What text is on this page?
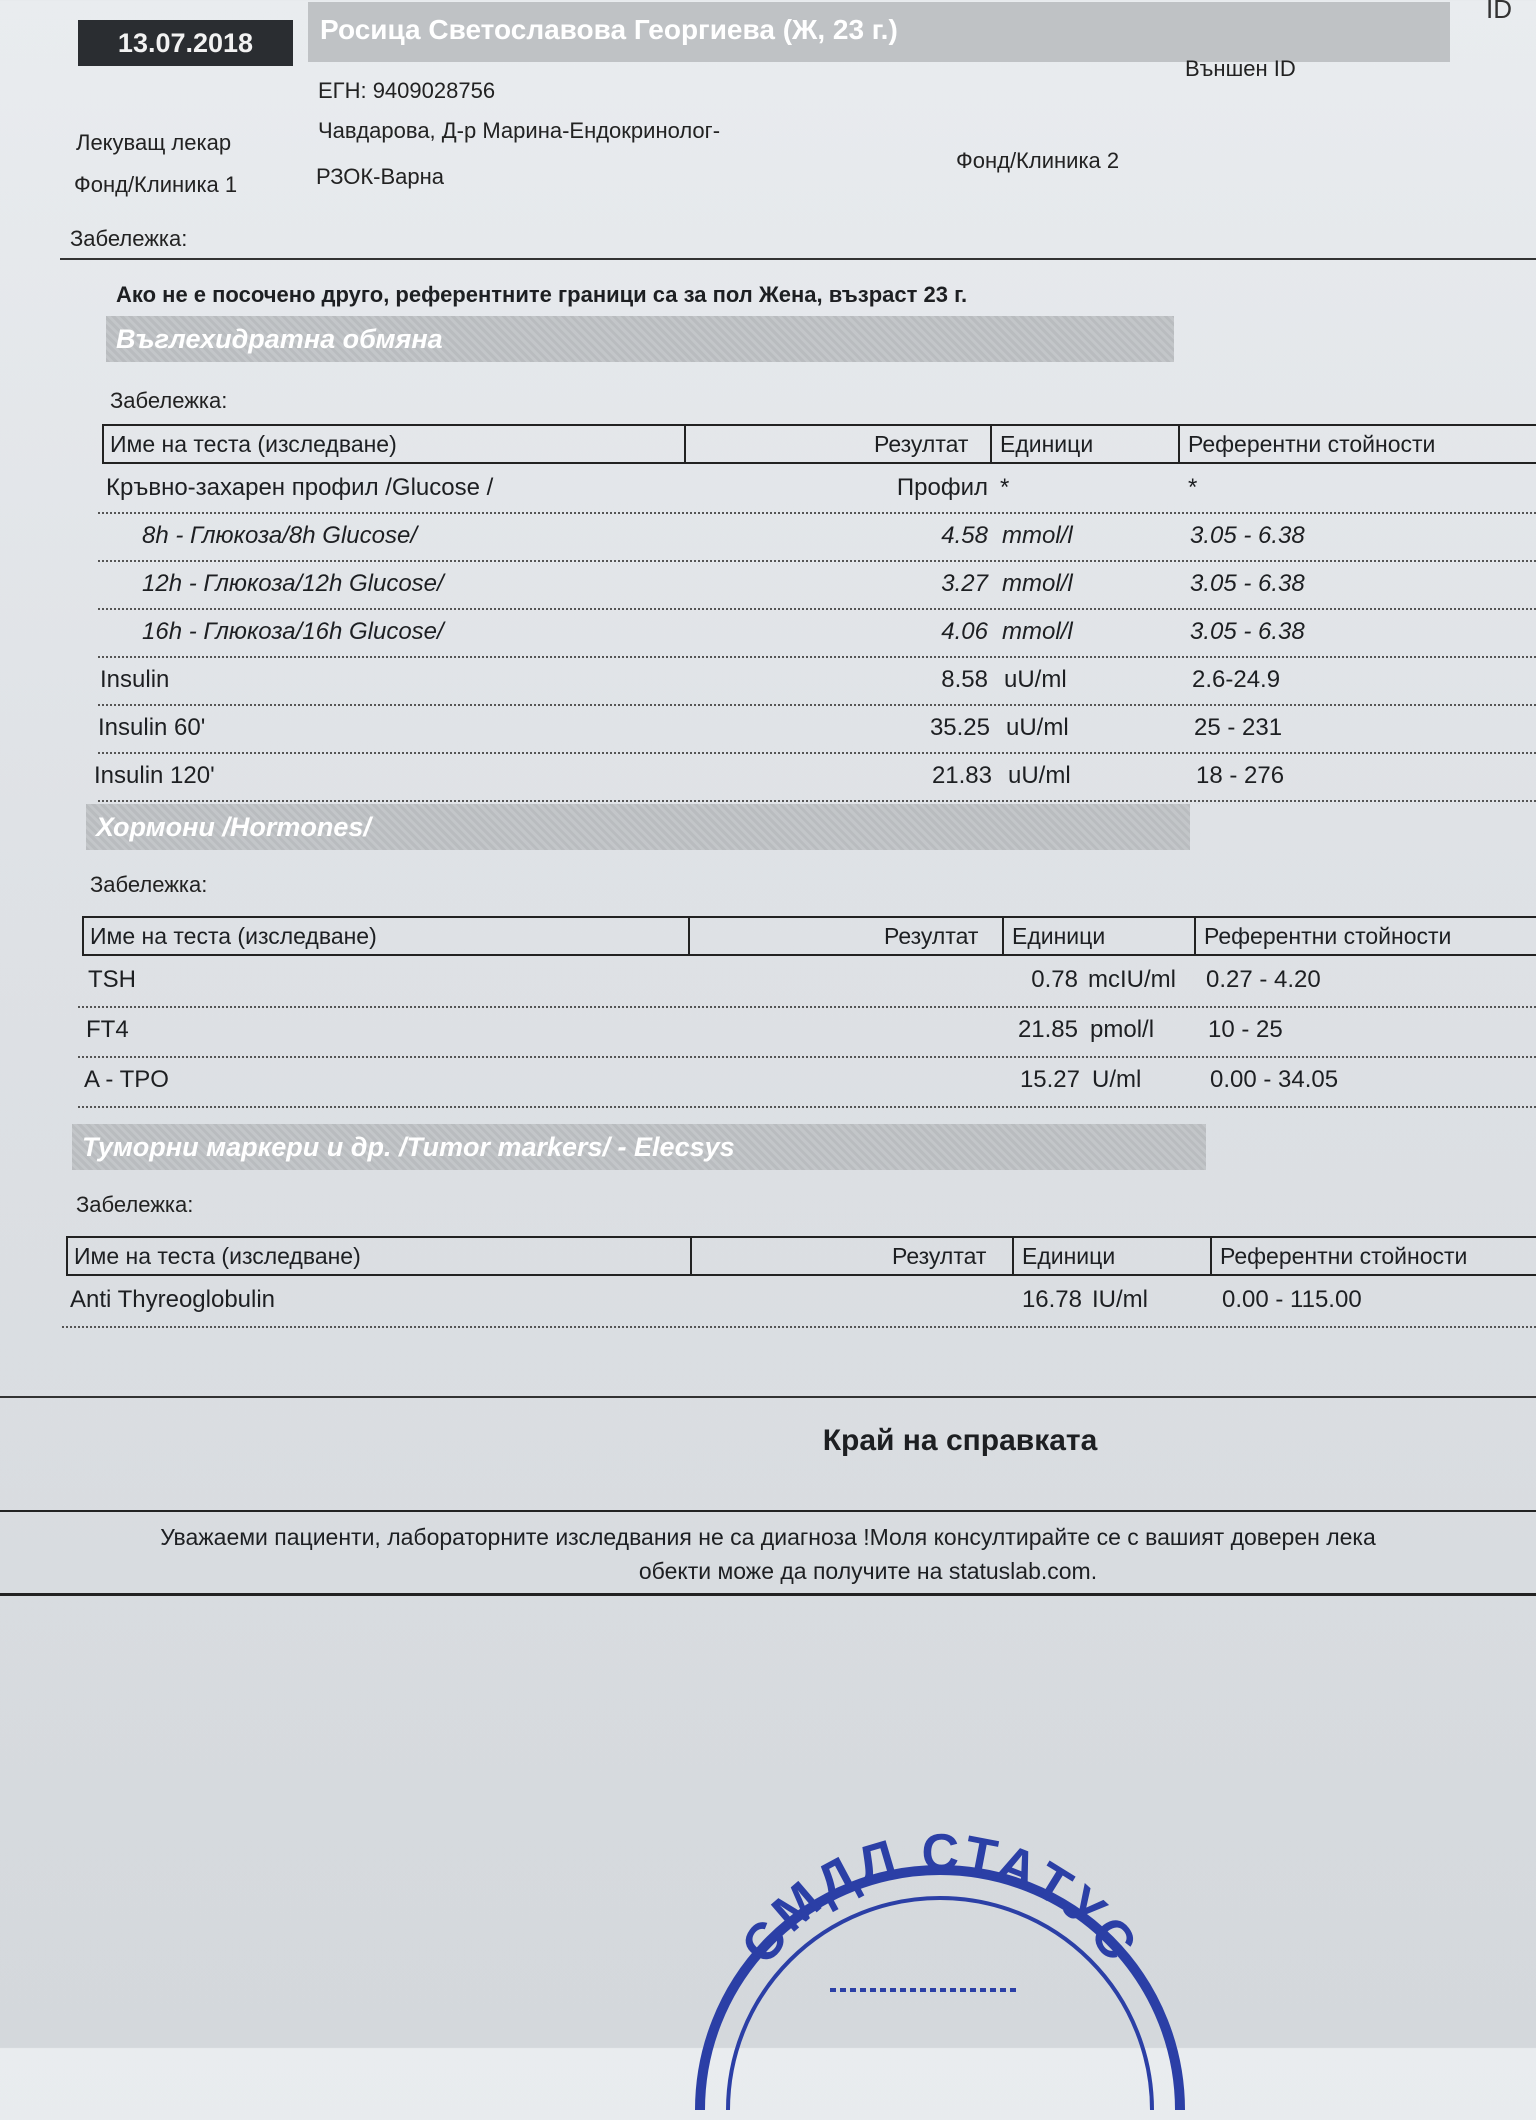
13.07.2018	Росица Светославова Георгиева (Ж, 23 г.)
ID
ЕГН: 9409028756
Външен ID
Лекуващ лекар	Чавдарова, Д-р Марина-Ендокринолог-
Фонд/Клиника 1	РЗОК-Варна
Фонд/Клиника 2
Забележка:
Ако не е посочено друго, референтните граници са за пол Жена, възраст 23 г.
Въглехидратна обмяна
Забележка:
Име на теста (изследване)	Резултат Единици	Референтни стойности
Кръвно-захарен профил /Glucose /	Профил *	*
8h - Глюкоза/8h Glucose/	4.58 mmol/l	3.05 - 6.38
12h - Глюкоза/12h Glucose/	3.27 mmol/l	3.05 - 6.38
16h - Глюкоза/16h Glucose/	4.06 mmol/l	3.05 - 6.38
Insulin	8.58 uU/ml	2.6-24.9
Insulin 60'	35.25 uU/ml	25 - 231
Insulin 120'	21.83 uU/ml	18 - 276
Хормони /Hormones/
Забележка:
Име на теста (изследване)	Резултат Единици	Референтни стойности
TSH	0.78 mcIU/ml 0.27 - 4.20
FT4	21.85 pmol/l 10 - 25
A - TPO	15.27 U/ml	0.00 - 34.05
Туморни маркери и др. /Tumor markers/ - Elecsys
Забележка:
Име на теста (изследване)	Резултат Единици	Референтни стойности
Anti Thyreoglobulin	16.78 IU/ml	0.00 - 115.00
Край на справката
Уважаеми пациенти, лабораторните изследвания не са диагноза !Моля консултирайте се с вашият доверен лека
обекти може да получите на statuslab.com.
СМДЛ СТАТУС
